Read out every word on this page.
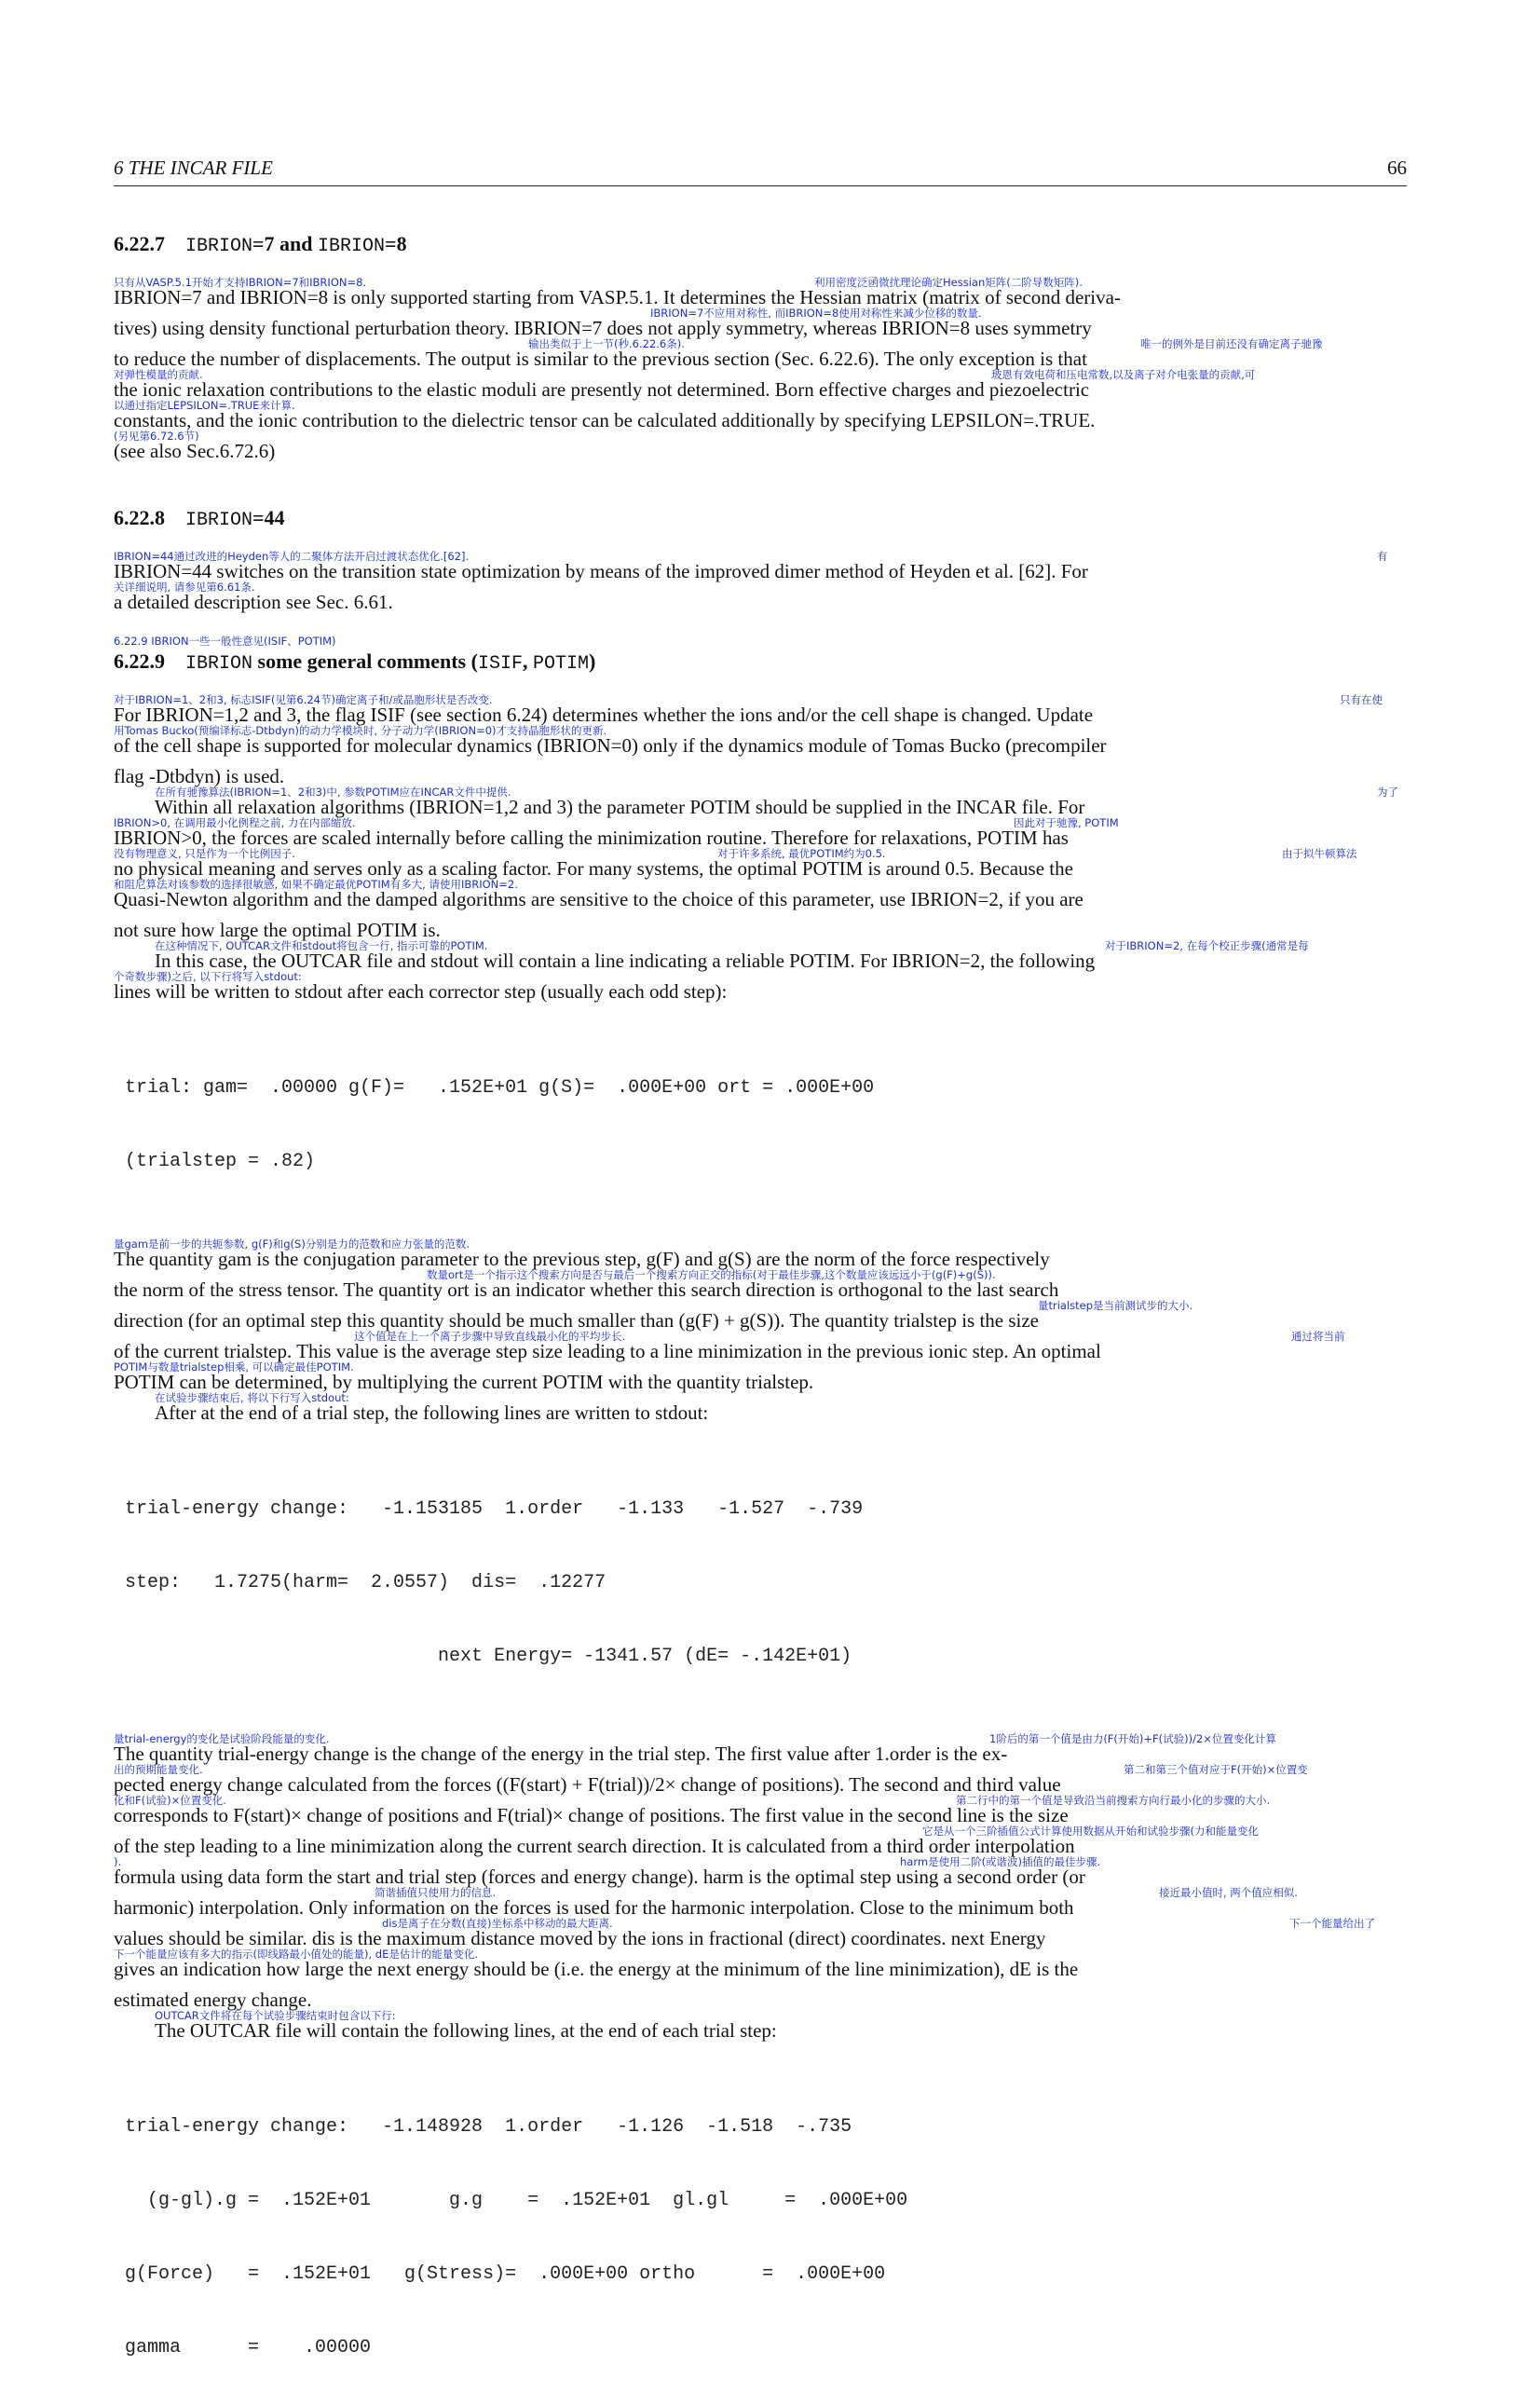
6 THE INCAR FILE	66
6.22.7 IBRION=7 and IBRION=8
只有从VASP.5.1开始才支持IBRION=7和IBRION=8.	利用密度泛函微扰理论确定Hessian矩阵(二阶导数矩阵).
IBRION=7 and IBRION=8 is only supported starting from VASP.5.1. It determines the Hessian matrix (matrix of second deriva-
IBRION=7不应用对称性, 而IBRION=8使用对称性来减少位移的数量.
tives) using density functional perturbation theory. IBRION=7 does not apply symmetry, whereas IBRION=8 uses symmetry
输出类似于上一节(秒.6.22.6条).	唯一的例外是目前还没有确定离子驰豫
to reduce the number of displacements. The output is similar to the previous section (Sec. 6.22.6). The only exception is that
对弹性模量的贡献.	玻恩有效电荷和压电常数,以及离子对介电张量的贡献,可
the ionic relaxation contributions to the elastic moduli are presently not determined. Born effective charges and piezoelectric
以通过指定LEPSILON=.TRUE来计算.
constants, and the ionic contribution to the dielectric tensor can be calculated additionally by specifying LEPSILON=.TRUE.
(另见第6.72.6节)
(see also Sec.6.72.6)
6.22.8 IBRION=44
IBRION=44通过改进的Heyden等人的二聚体方法开启过渡状态优化.[62].	有
IBRION=44 switches on the transition state optimization by means of the improved dimer method of Heyden et al. [62]. For
关详细说明, 请参见第6.61条.
a detailed description see Sec. 6.61.
6.22.9 IBRION一些一般性意见(ISIF、POTIM)
6.22.9 IBRION some general comments (ISIF, POTIM)
对于IBRION=1、2和3, 标志ISIF(见第6.24节)确定离子和/或晶胞形状是否改变.	只有在使
For IBRION=1,2 and 3, the flag ISIF (see section 6.24) determines whether the ions and/or the cell shape is changed. Update
用Tomas Bucko(预编译标志-Dtbdyn)的动力学模块时, 分子动力学(IBRION=0)才支持晶胞形状的更新.
of the cell shape is supported for molecular dynamics (IBRION=0) only if the dynamics module of Tomas Bucko (precompiler
flag -Dtbdyn) is used.
在所有驰豫算法(IBRION=1、2和3)中, 参数POTIM应在INCAR文件中提供.	为了
Within all relaxation algorithms (IBRION=1,2 and 3) the parameter POTIM should be supplied in the INCAR file. For
IBRION>0, 在调用最小化例程之前, 力在内部缩放.	因此对于驰豫, POTIM
IBRION>0, the forces are scaled internally before calling the minimization routine. Therefore for relaxations, POTIM has
没有物理意义, 只是作为一个比例因子.	对于许多系统, 最优POTIM约为0.5.	由于拟牛顿算法
no physical meaning and serves only as a scaling factor. For many systems, the optimal POTIM is around 0.5. Because the
和阻尼算法对该参数的选择很敏感, 如果不确定最优POTIM有多大, 请使用IBRION=2.
Quasi-Newton algorithm and the damped algorithms are sensitive to the choice of this parameter, use IBRION=2, if you are
not sure how large the optimal POTIM is.
在这种情况下, OUTCAR文件和stdout将包含一行, 指示可靠的POTIM.	对于IBRION=2, 在每个校正步骤(通常是每
In this case, the OUTCAR file and stdout will contain a line indicating a reliable POTIM. For IBRION=2, the following
个奇数步骤)之后, 以下行将写入stdout:
lines will be written to stdout after each corrector step (usually each odd step):

trial: gam=  .00000 g(F)=   .152E+01 g(S)=  .000E+00 ort = .000E+00

(trialstep = .82)

量gam是前一步的共轭参数, g(F)和g(S)分别是力的范数和应力张量的范数.
The quantity gam is the conjugation parameter to the previous step, g(F) and g(S) are the norm of the force respectively
数量ort是一个指示这个搜索方向是否与最后一个搜索方向正交的指标(对于最佳步骤,这个数量应该远远小于(g(F)+g(S)).
the norm of the stress tensor. The quantity ort is an indicator whether this search direction is orthogonal to the last search
量trialstep是当前测试步的大小.
direction (for an optimal step this quantity should be much smaller than (g(F) + g(S)). The quantity trialstep is the size
这个值是在上一个离子步骤中导致直线最小化的平均步长.	通过将当前
of the current trialstep. This value is the average step size leading to a line minimization in the previous ionic step. An optimal
POTIM与数量trialstep相乘, 可以确定最佳POTIM.
POTIM can be determined, by multiplying the current POTIM with the quantity trialstep.
在试验步骤结束后, 将以下行写入stdout:
After at the end of a trial step, the following lines are written to stdout:

trial-energy change:   -1.153185  1.order   -1.133   -1.527  -.739

step:   1.7275(harm=  2.0557)  dis=  .12277

next Energy= -1341.57 (dE= -.142E+01)

量trial-energy的变化是试验阶段能量的变化.	1阶后的第一个值是由力(F(开始)+F(试验))/2×位置变化计算
The quantity trial-energy change is the change of the energy in the trial step. The first value after 1.order is the ex-
出的预期能量变化.	第二和第三个值对应于F(开始)×位置变
pected energy change calculated from the forces ((F(start) + F(trial))/2× change of positions). The second and third value
化和F(试验)×位置变化.	第二行中的第一个值是导致沿当前搜索方向行最小化的步骤的大小.
corresponds to F(start)× change of positions and F(trial)× change of positions. The first value in the second line is the size
它是从一个三阶插值公式计算使用数据从开始和试验步骤(力和能量变化
of the step leading to a line minimization along the current search direction. It is calculated from a third order interpolation
).	harm是使用二阶(或谐波)插值的最佳步骤.
formula using data form the start and trial step (forces and energy change). harm is the optimal step using a second order (or
简谐插值只使用力的信息.	接近最小值时, 两个值应相似.
harmonic) interpolation. Only information on the forces is used for the harmonic interpolation. Close to the minimum both
dis是离子在分数(直接)坐标系中移动的最大距离.	下一个能量给出了
values should be similar. dis is the maximum distance moved by the ions in fractional (direct) coordinates. next Energy
下一个能量应该有多大的指示(即线路最小值处的能量), dE是估计的能量变化.
gives an indication how large the next energy should be (i.e. the energy at the minimum of the line minimization), dE is the
estimated energy change.
OUTCAR文件将在每个试验步骤结束时包含以下行:
The OUTCAR file will contain the following lines, at the end of each trial step:

trial-energy change:   -1.148928  1.order   -1.126  -1.518  -.735

(g-gl).g =  .152E+01       g.g    =  .152E+01  gl.gl     =  .000E+00

g(Force)   =  .152E+01   g(Stress)=  .000E+00 ortho      =  .000E+00

gamma      =    .00000
